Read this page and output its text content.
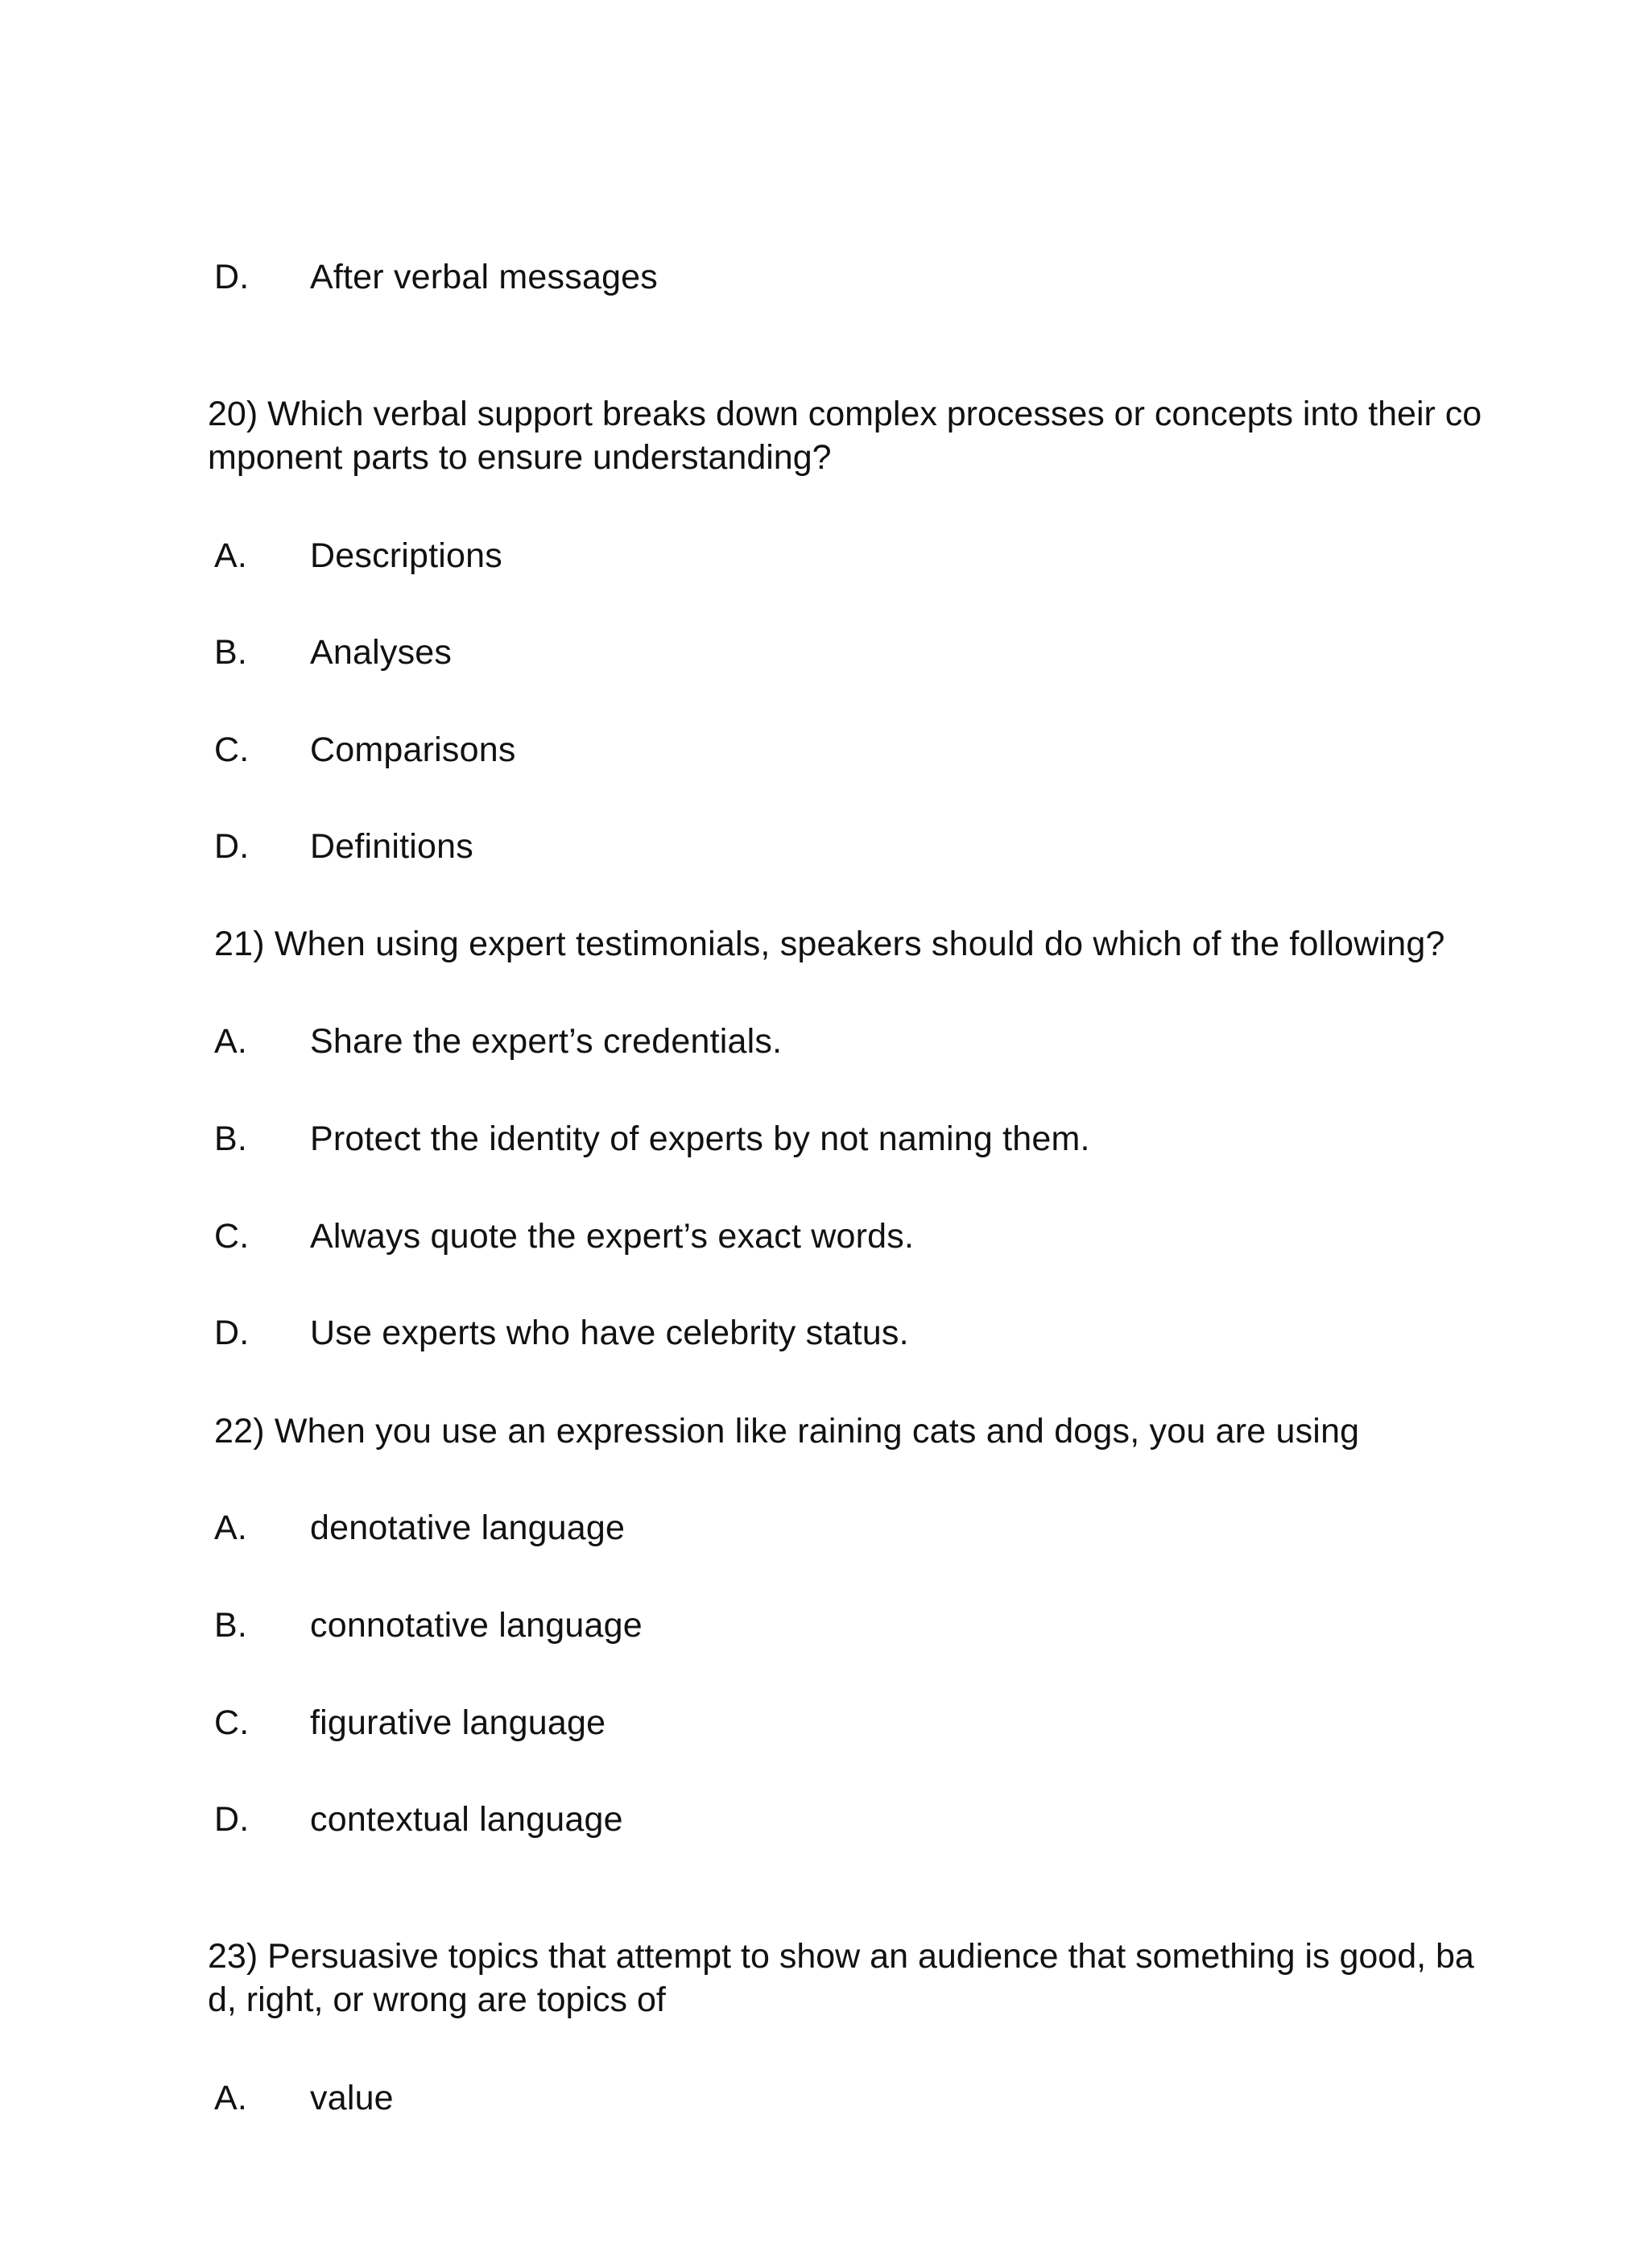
D. After verbal messages
20) Which verbal support breaks down complex processes or concepts into their co mponent parts to ensure understanding?
A. Descriptions
B. Analyses
C. Comparisons
D. Definitions
21) When using expert testimonials, speakers should do which of the following?
A. Share the expert’s credentials.
B. Protect the identity of experts by not naming them.
C. Always quote the expert’s exact words.
D. Use experts who have celebrity status.
22) When you use an expression like raining cats and dogs, you are using
A. denotative language
B. connotative language
C. figurative language
D. contextual language
23) Persuasive topics that attempt to show an audience that something is good, ba d, right, or wrong are topics of
A. value
